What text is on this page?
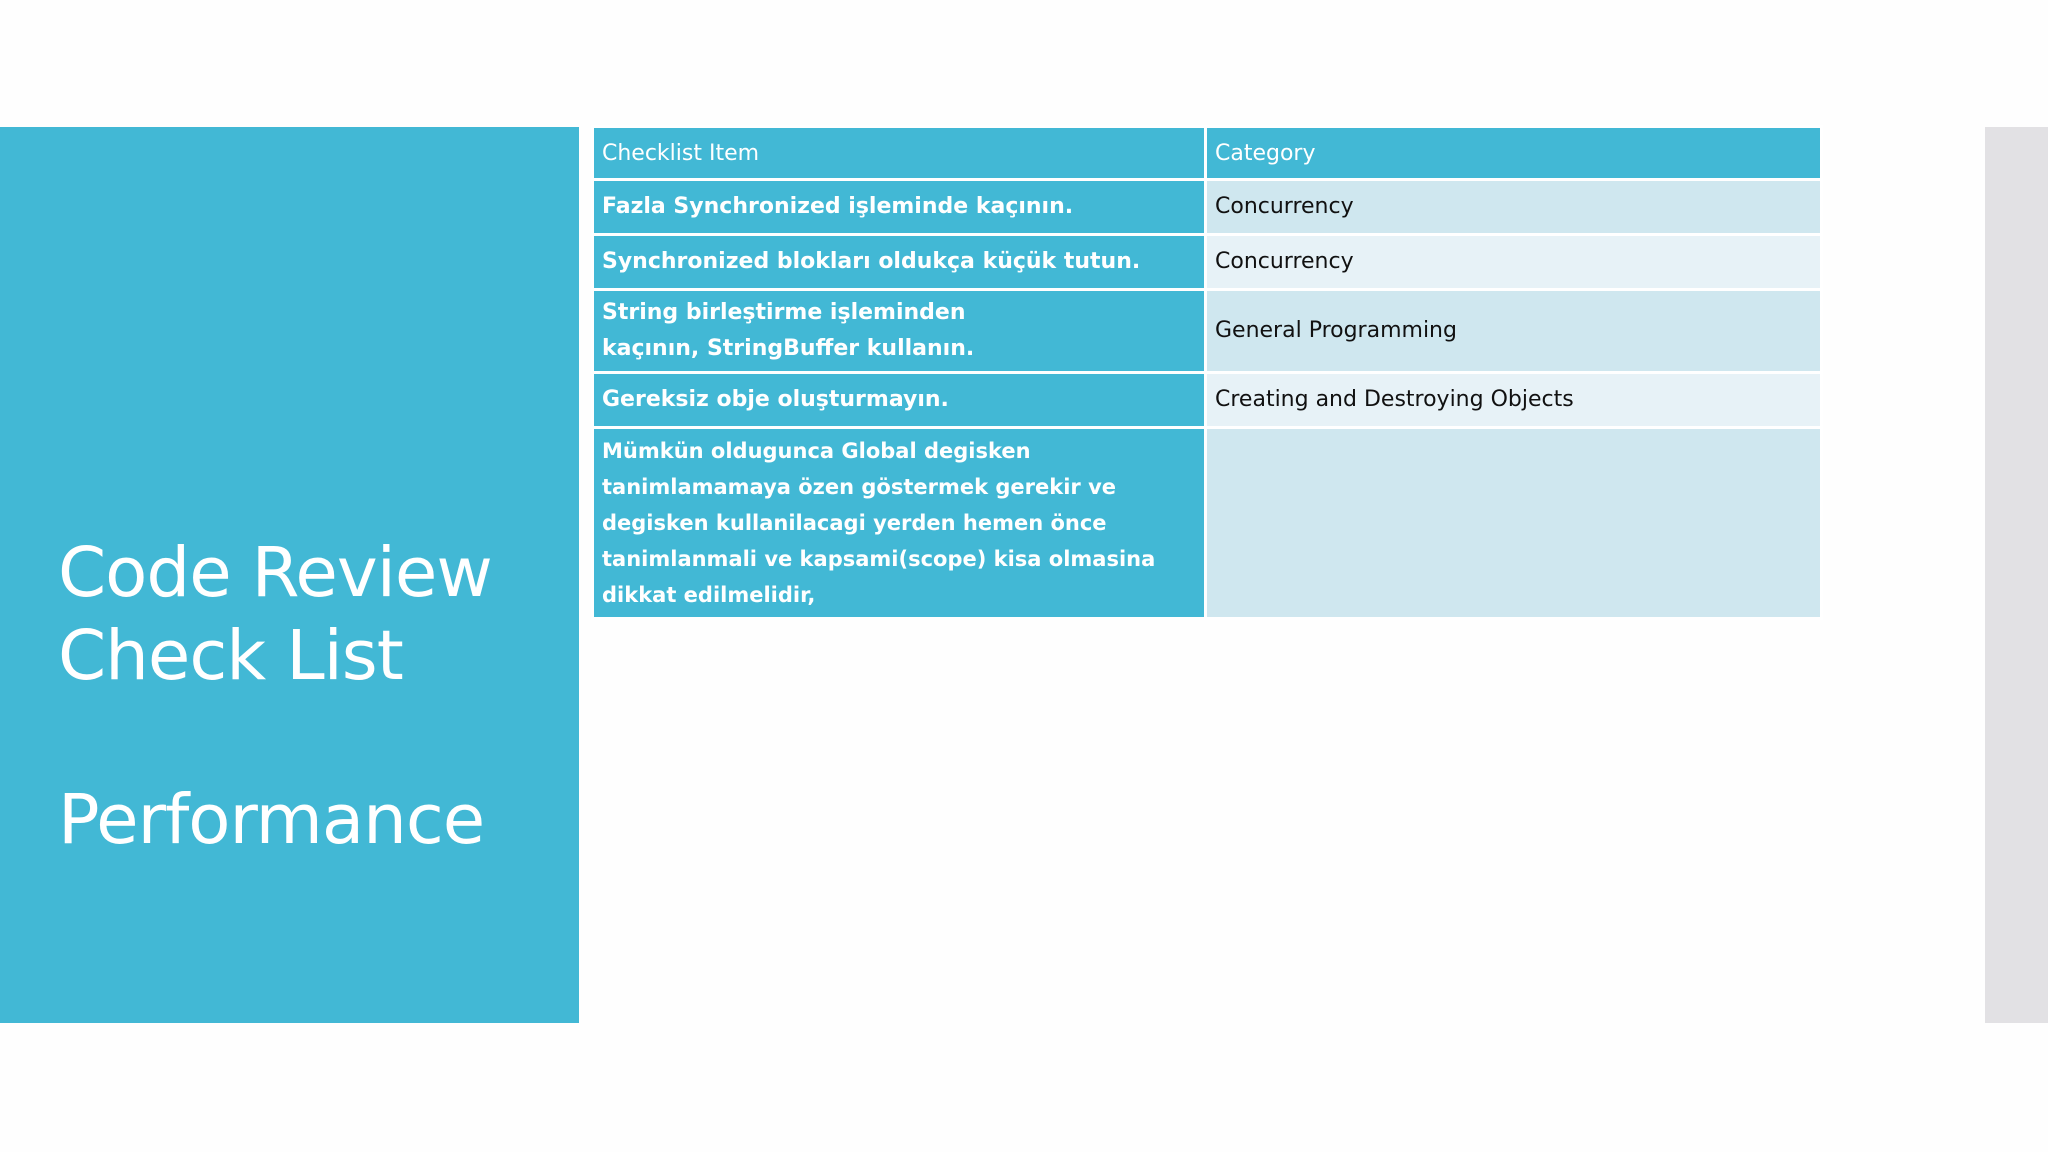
Code Review
Check List
Performance
Checklist Item	Category
Fazla Synchronized işleminde kaçının.	Concurrency
Synchronized blokları oldukça küçük tutun.	Concurrency
String birleştirme işleminden kaçının, StringBuffer kullanın.	General Programming
Gereksiz obje oluşturmayın.	Creating and Destroying Objects
Mümkün oldugunca Global degisken tanimlamamaya özen göstermek gerekir ve degisken kullanilacagi yerden hemen önce tanimlanmali ve kapsami(scope) kisa olmasina dikkat edilmelidir,	
